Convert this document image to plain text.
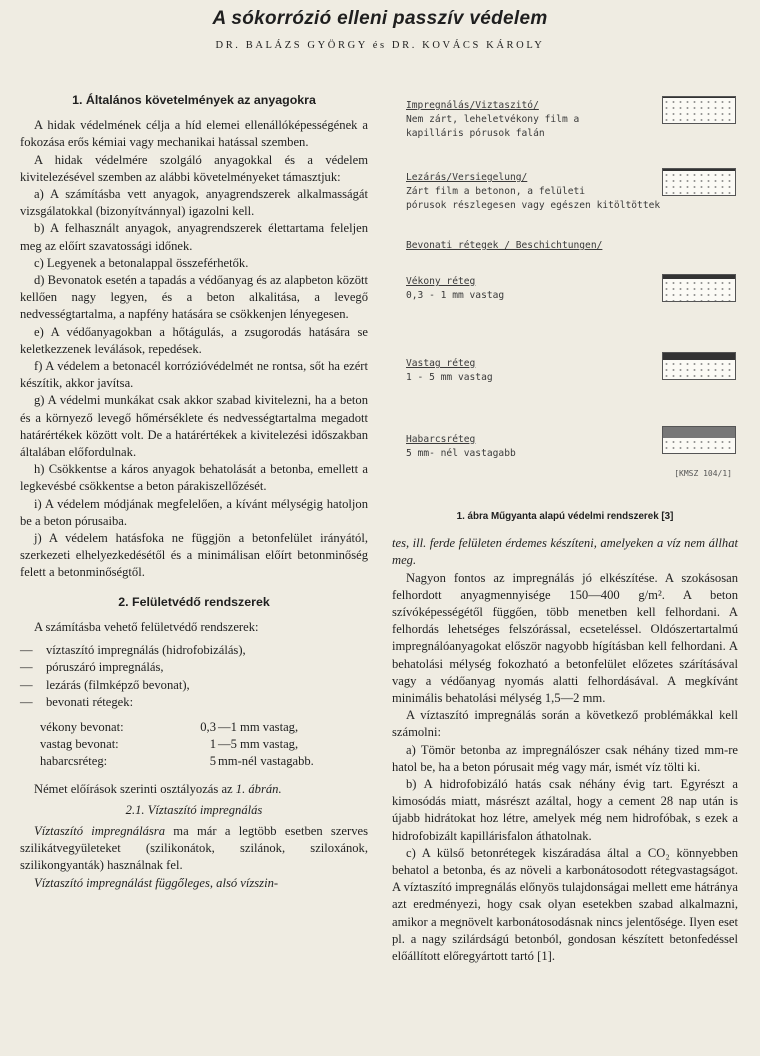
A sókorrózió elleni passzív védelem
DR. BALÁZS GYÖRGY és DR. KOVÁCS KÁROLY
1. Általános követelmények az anyagokra

A hidak védelmének célja a híd elemei ellenállóképességének a fokozása erős kémiai vagy mechanikai hatással szemben.

A hidak védelmére szolgáló anyagokkal és a védelem kivitelezésével szemben az alábbi követelményeket támasztjuk:

a) A számításba vett anyagok, anyagrendszerek alkalmasságát vizsgálatokkal (bizonyítvánnyal) igazolni kell.

b) A felhasznált anyagok, anyagrendszerek élettartama feleljen meg az előírt szavatossági időnek.

c) Legyenek a betonalappal összeférhetők.

d) Bevonatok esetén a tapadás a védőanyag és az alapbeton között kellően nagy legyen, és a beton alkalitása, a levegő nedvességtartalma, a napfény hatására se csökkenjen lényegesen.

e) A védőanyagokban a hőtágulás, a zsugorodás hatására se keletkezzenek leválások, repedések.

f) A védelem a betonacél korrózióvédelmét ne rontsa, sőt ha ezért készítik, akkor javítsa.

g) A védelmi munkákat csak akkor szabad kivitelezni, ha a beton és a környező levegő hőmérséklete és nedvességtartalma megadott határértékek között volt. De a határértékek a kivitelezési időszakban általában előfordulnak.

h) Csökkentse a káros anyagok behatolását a betonba, emellett a legkevésbé csökkentse a beton párakiszellőzését.

i) A védelem módjának megfelelően, a kívánt mélységig hatoljon be a beton pórusaiba.

j) A védelem hatásfoka ne függjön a betonfelület irányától, szerkezeti elhelyezkedésétől és a minimálisan előírt betonminőség felett a betonminőségtől.

2. Felületvédő rendszerek

A számításba vehető felületvédő rendszerek:

— víztaszító impregnálás (hidrofobizálás),
— póruszáró impregnálás,
— lezárás (filmképző bevonat),
— bevonati rétegek:
vékony bevonat:	0,3	—1 mm vastag,
vastag bevonat:	1	—5 mm vastag,
habarcsréteg:	5	mm-nél vastagabb.

Német előírások szerinti osztályozás az 1. ábrán.

2.1. Víztaszító impregnálás

Víztaszító impregnálásra ma már a legtöbb esetben szerves szilikátvegyületeket (szilikonátok, szilánok, sziloxánok, szilikongyanták) használnak fel.

Víztaszító impregnálást függőleges, alsó vízszin-

Impregnálás/Viztaszitó/
Nem zárt, leheletvékony film a
kapilláris pórusok falán
Lezárás/Versiegelung/
Zárt film a betonon, a felületi
pórusok részlegesen vagy egészen kitöltöttek
Bevonati rétegek / Beschichtungen/
Vékony réteg
0,3 - 1 mm vastag
Vastag réteg
1 - 5 mm vastag
Habarcsréteg
5 mm- nél vastagabb
[KMSZ 104/1]
1. ábra Műgyanta alapú védelmi rendszerek [3]

tes, ill. ferde felületen érdemes készíteni, amelyeken a víz nem állhat meg.

Nagyon fontos az impregnálás jó elkészítése. A szokásosan felhordott anyagmennyisége 150—400 g/m². A beton szívóképességétől függően, több menetben kell felhordani. A felhordás lehetséges felszórással, ecseteléssel. Oldószertartalmú impregnálóanyagokat először nagyobb hígításban kell felhordani. A behatolási mélység fokozható a betonfelület előzetes szárításával vagy a védőanyag nyomás alatti felhordásával. A megkívánt minimális behatolási mélység 1,5—2 mm.

A víztaszító impregnálás során a következő problémákkal kell számolni:

a) Tömör betonba az impregnálószer csak néhány tized mm-re hatol be, ha a beton pórusait még vagy már, ismét víz tölti ki.

b) A hidrofobizáló hatás csak néhány évig tart. Egyrészt a kimosódás miatt, másrészt azáltal, hogy a cement 28 nap után is újabb hidrátokat hoz létre, amelyek még nem hidrofóbak, s ezek a hidrofobizált kapillárisfalon áthatolnak.

c) A külső betonrétegek kiszáradása által a CO₂ könnyebben behatol a betonba, és az növeli a karbonátosodott rétegvastagságot. A víztaszító impregnálás előnyös tulajdonságai mellett eme hátránya azt eredményezi, hogy csak olyan esetekben szabad alkalmazni, amikor a megnövelt karbonátosodásnak nincs jelentősége. Ilyen eset pl. a nagy szilárdságú betonból, gondosan készített betonfedéssel előállított előregyártott tartó [1].
